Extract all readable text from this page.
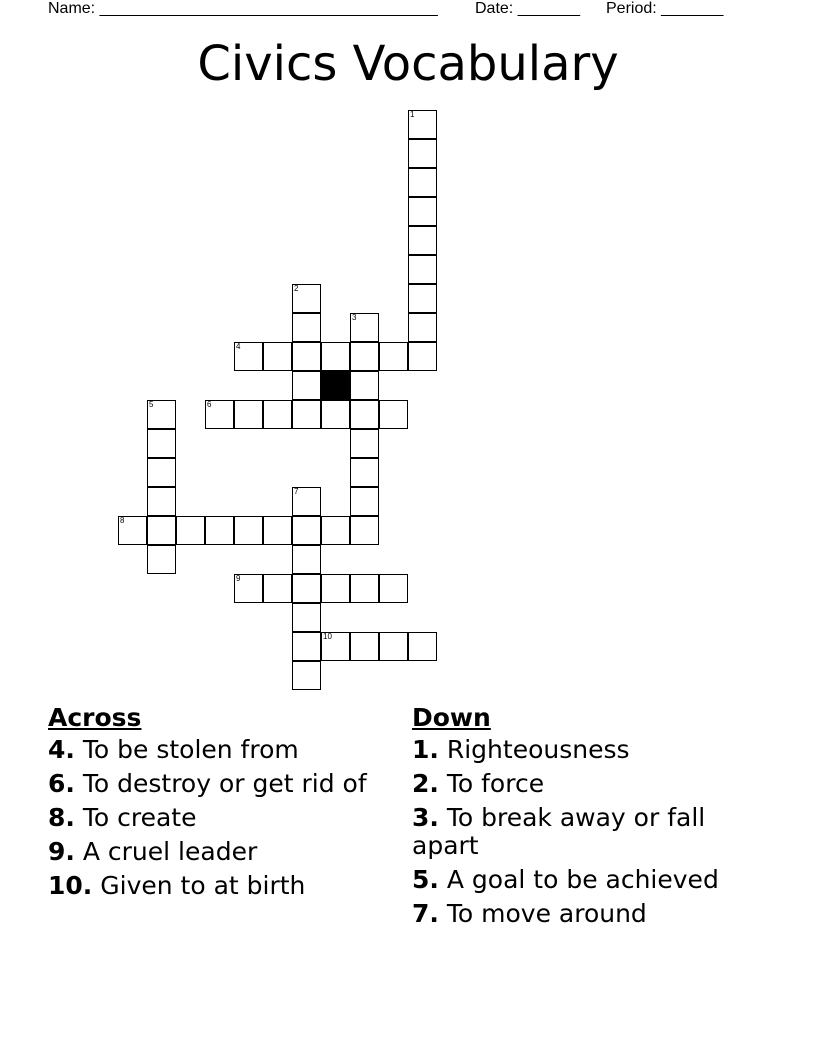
Name: ______________________________________ Date: _______ Period: _______
Civics Vocabulary
1
2
3
4
5	6
7
8
9
10
Across
4. To be stolen from
6. To destroy or get rid of
8. To create
9. A cruel leader
10. Given to at birth
Down
1. Righteousness
2. To force
3. To break away or fall apart
5. A goal to be achieved
7. To move around
